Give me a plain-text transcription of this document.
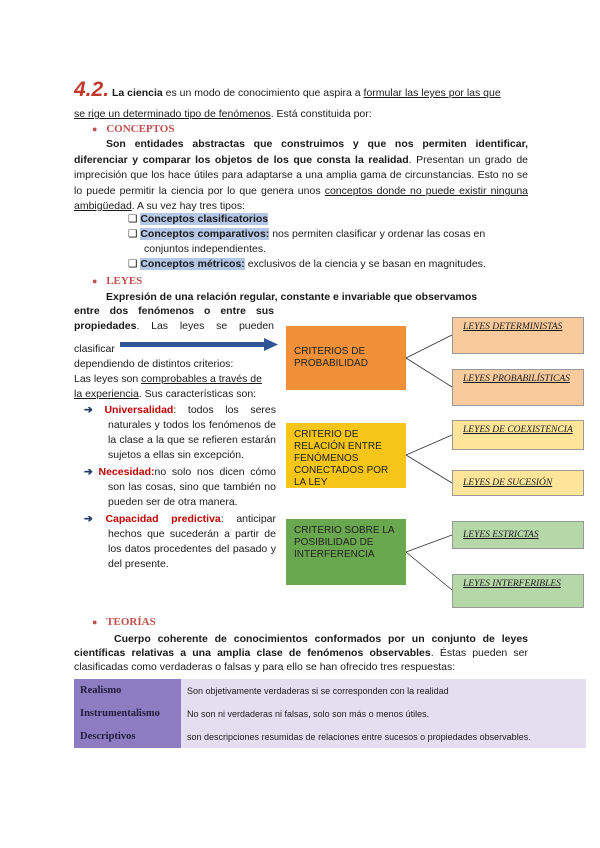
4.2. La ciencia es un modo de conocimiento que aspira a formular las leyes por las que
se rige un determinado tipo de fenómenos. Está constituida por:
● CONCEPTOS
Son entidades abstractas que construimos y que nos permiten identificar, diferenciar y comparar los objetos de los que consta la realidad. Presentan un grado de imprecisión que los hace útiles para adaptarse a una amplia gama de circunstancias. Esto no se lo puede permitir la ciencia por lo que genera unos conceptos donde no puede existir ninguna ambigüedad. A su vez hay tres tipos:
❑ Conceptos clasificatorios
❑ Conceptos comparativos: nos permiten clasificar y ordenar las cosas en conjuntos independientes.
❑ Conceptos métricos: exclusivos de la ciencia y se basan en magnitudes.
● LEYES
Expresión de una relación regular, constante e invariable que observamos
entre dos fenómenos o entre sus
propiedades. Las leyes se pueden
clasificar
dependiendo de distintos criterios:
Las leyes son comprobables a través de
la experiencia. Sus características son:
➔ Universalidad: todos los seres naturales y todos los fenómenos de la clase a la que se refieren estarán sujetos a ellas sin excepción.
➔ Necesidad:no solo nos dicen cómo son las cosas, sino que también no pueden ser de otra manera.
➔ Capacidad predictiva: anticipar hechos que sucederán a partir de los datos procedentes del pasado y del presente.
CRITERIOS DE PROBABILIDAD
CRITERIO DE RELACIÓN ENTRE FENÓMENOS CONECTADOS POR LA LEY
CRITERIO SOBRE LA POSIBILIDAD DE INTERFERENCIA
LEYES DETERMINISTAS
LEYES PROBABILÍSTICAS
LEYES DE COEXISTENCIA
LEYES DE SUCESIÓN
LEYES ESTRICTAS
LEYES INTERFERIBLES
● TEORÍAS
Cuerpo coherente de conocimientos conformados por un conjunto de leyes científicas relativas a una amplia clase de fenómenos observables. Éstas pueden ser clasificadas como verdaderas o falsas y para ello se han ofrecido tres respuestas:
Realismo	Son objetivamente verdaderas si se corresponden con la realidad
Instrumentalismo	No son ni verdaderas ni falsas, solo son más o menos útiles.
Descriptivos	son descripciones resumidas de relaciones entre sucesos o propiedades observables.
